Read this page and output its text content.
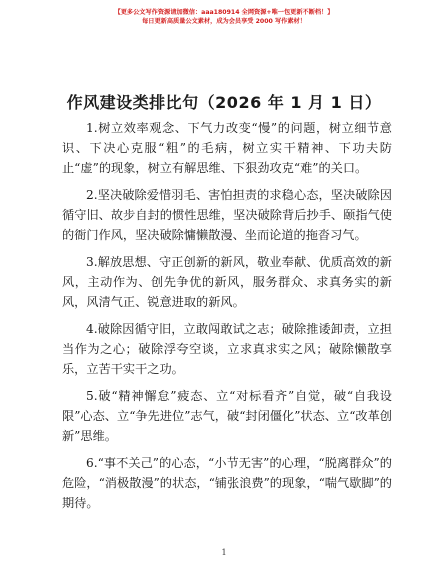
【更多公文写作资源请加微信：aaa180914 全网资源+唯一包更新不断档！】
每日更新高质量公文素材，成为会员享受 2000 写作素材！
作风建设类排比句（2026 年 1 月 1 日）

1.树立效率观念、下气力改变“慢”的问题，树立细节意识、下决心克服“粗”的毛病，树立实干精神、下功夫防止“虚”的现象，树立有解思维、下狠劲攻克“难”的关口。

2.坚决破除爱惜羽毛、害怕担责的求稳心态，坚决破除因循守旧、故步自封的惯性思维，坚决破除背后抄手、颐指气使的衙门作风，坚决破除慵懒散漫、坐而论道的拖沓习气。

3.解放思想、守正创新的新风，敬业奉献、优质高效的新风，主动作为、创先争优的新风，服务群众、求真务实的新风，风清气正、锐意进取的新风。

4.破除因循守旧，立敢闯敢试之志；破除推诿卸责，立担当作为之心；破除浮夸空谈，立求真求实之风；破除懒散享乐，立苦干实干之功。

5.破“精神懈怠”疲态、立“对标看齐”自觉，破“自我设限”心态、立“争先进位”志气，破“封闭僵化”状态、立“改革创新”思维。

6.“事不关己”的心态，“小节无害”的心理，“脱离群众”的危险，“消极散漫”的状态，“铺张浪费”的现象，“喘气歇脚”的期待。

1
